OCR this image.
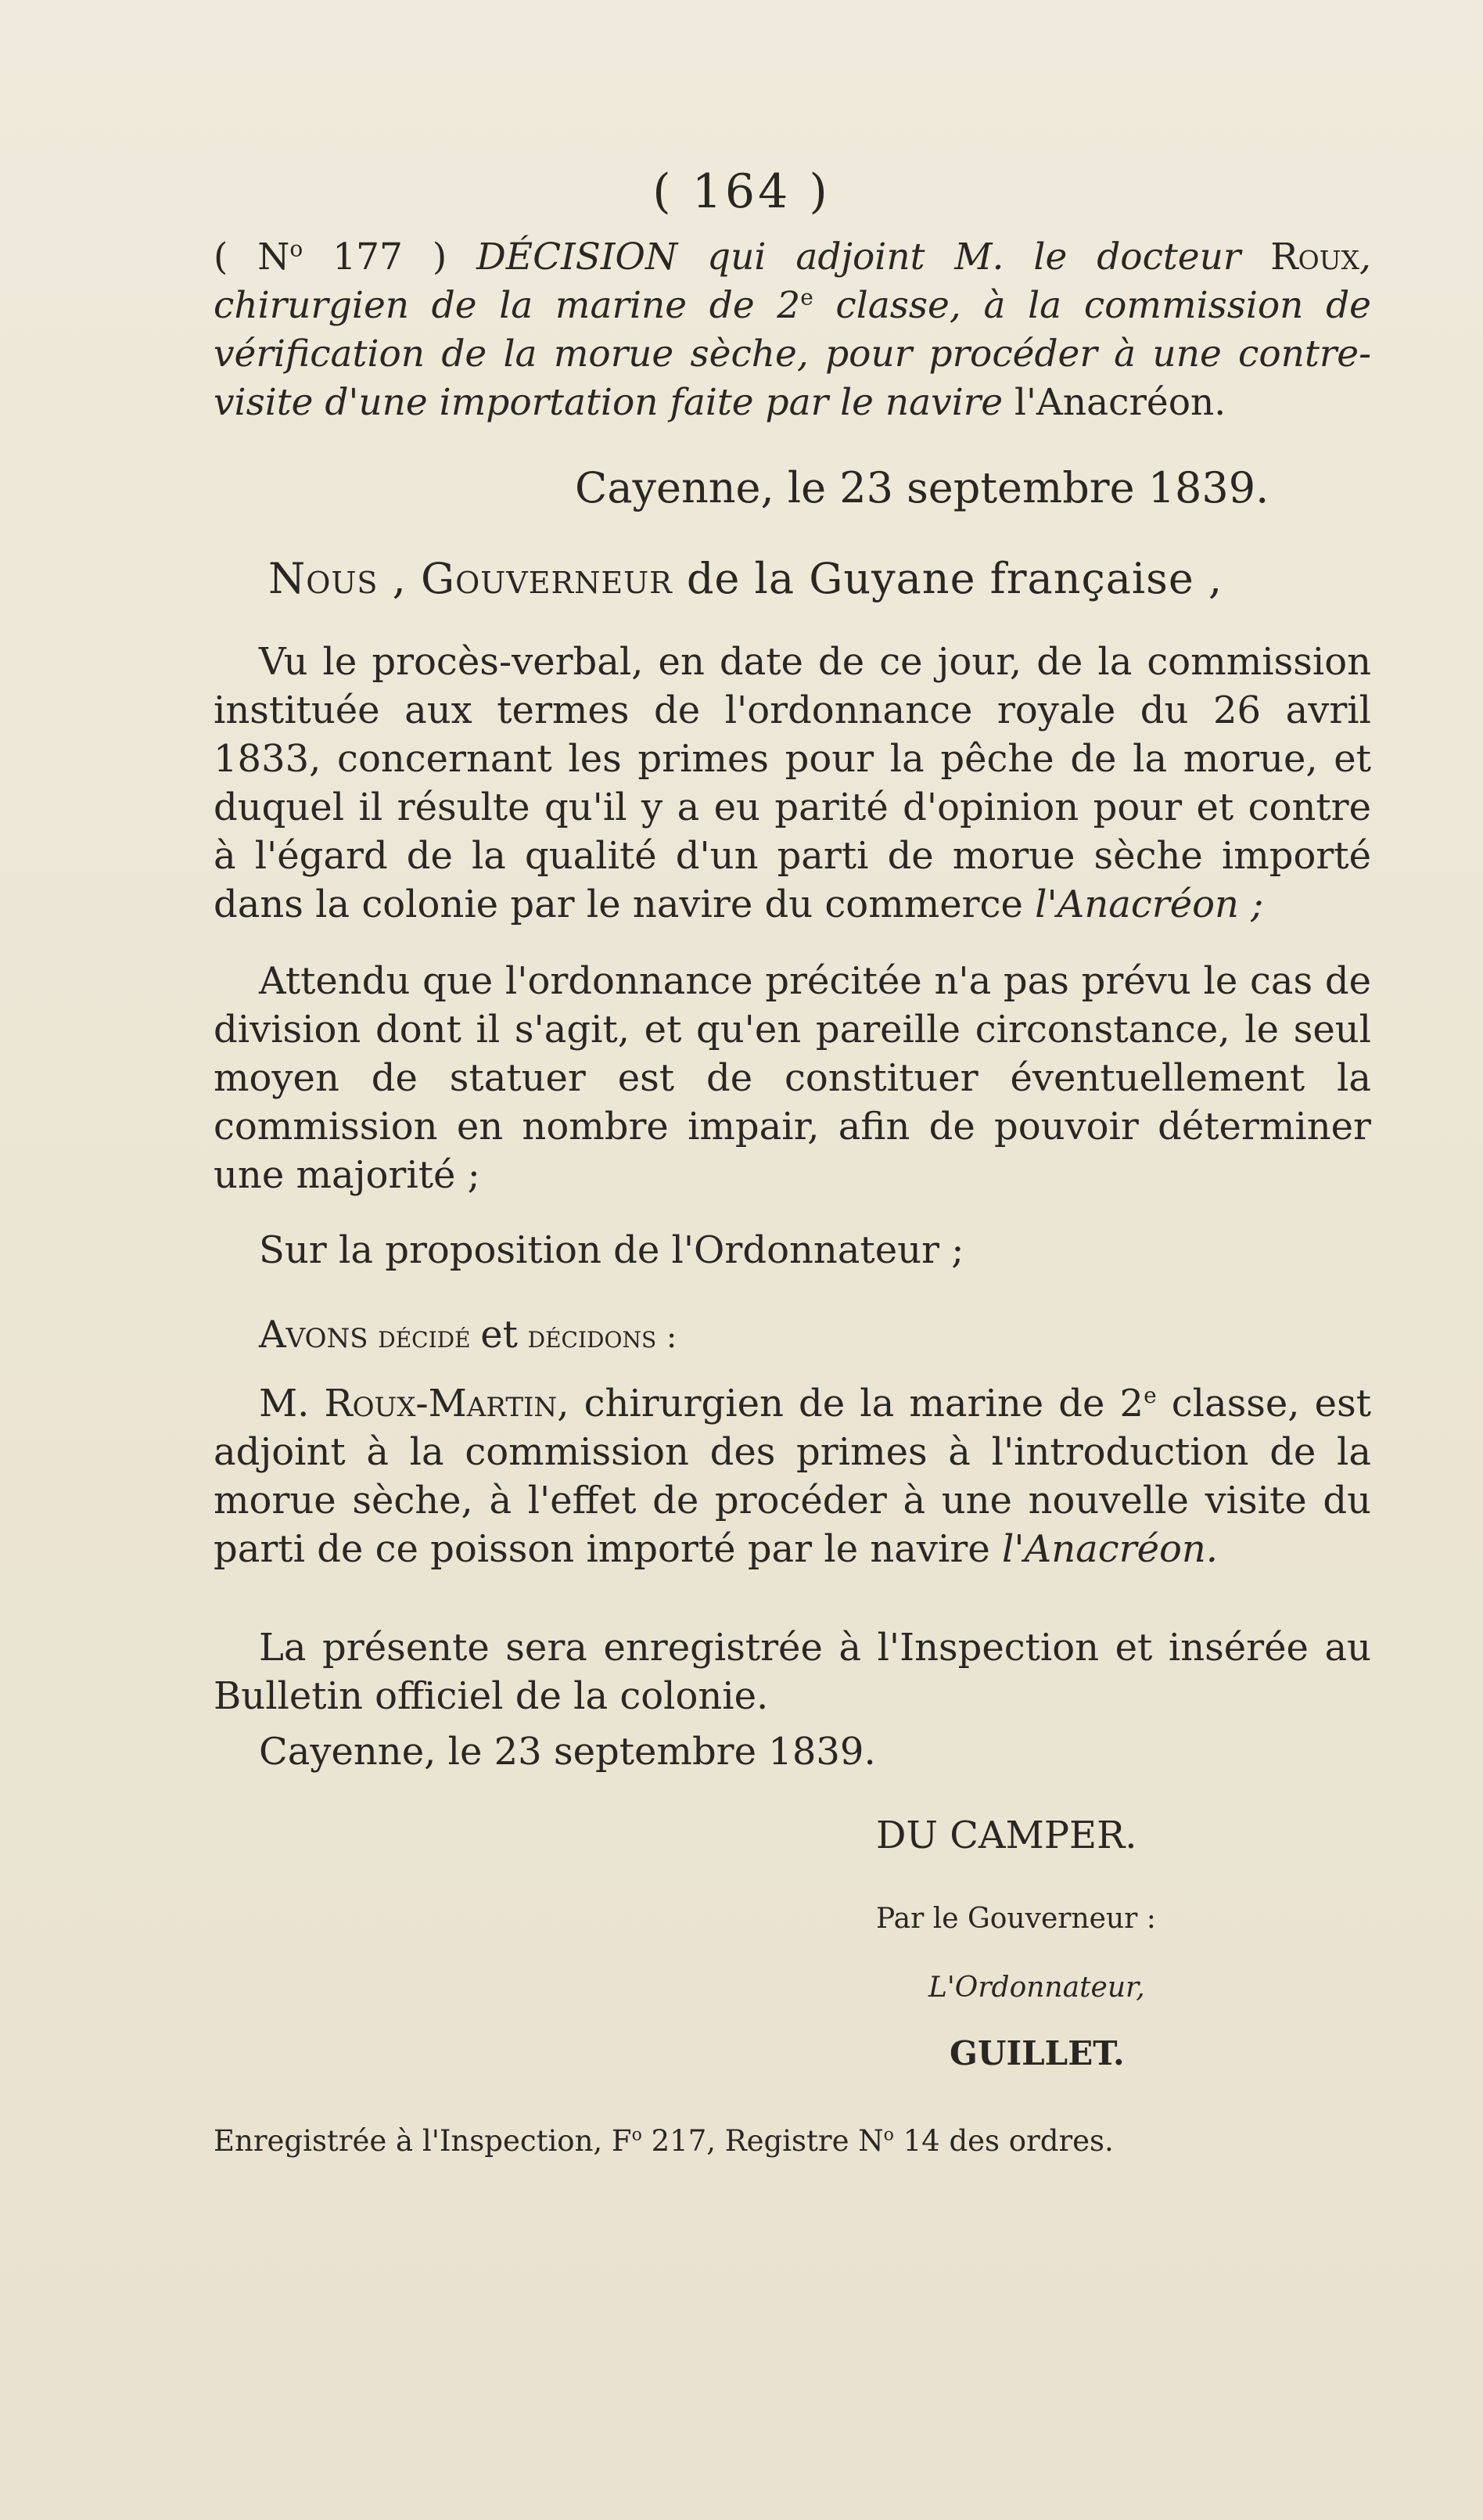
( 164 )

( $N^o$ 177 ) DÉCISION qui adjoint M. le docteur Roux, chirurgien de la marine de 2e classe, à la commission de vérification de la morue sèche, pour procéder à une contre-visite d'une importation faite par le navire l'Anacréon.

Cayenne, le 23 septembre 1839.
Nous , Gouverneur de la Guyane française ,

Vu le procès-verbal, en date de ce jour, de la commission instituée aux termes de l'ordonnance royale du 26 avril 1833, concernant les primes pour la pêche de la morue, et duquel il résulte qu'il y a eu parité d'opinion pour et contre à l'égard de la qualité d'un parti de morue sèche importé dans la colonie par le navire du commerce l'Anacréon ;

Attendu que l'ordonnance précitée n'a pas prévu le cas de division dont il s'agit, et qu'en pareille circonstance, le seul moyen de statuer est de constituer éventuellement la commission en nombre impair, afin de pouvoir déterminer une majorité ;

Sur la proposition de l'Ordonnateur ;

Avons décidé et décidons :

M. Roux-Martin, chirurgien de la marine de 2e classe, est adjoint à la commission des primes à l'introduction de la morue sèche, à l'effet de procéder à une nouvelle visite du parti de ce poisson importé par le navire l'Anacréon.

La présente sera enregistrée à l'Inspection et insérée au Bulletin officiel de la colonie.

Cayenne, le 23 septembre 1839.
DU CAMPER.
Par le Gouverneur :
L'Ordonnateur,
GUILLET.
Enregistrée à l'Inspection, $F^o$ 217, Registre $N^o$ 14 des ordres.
